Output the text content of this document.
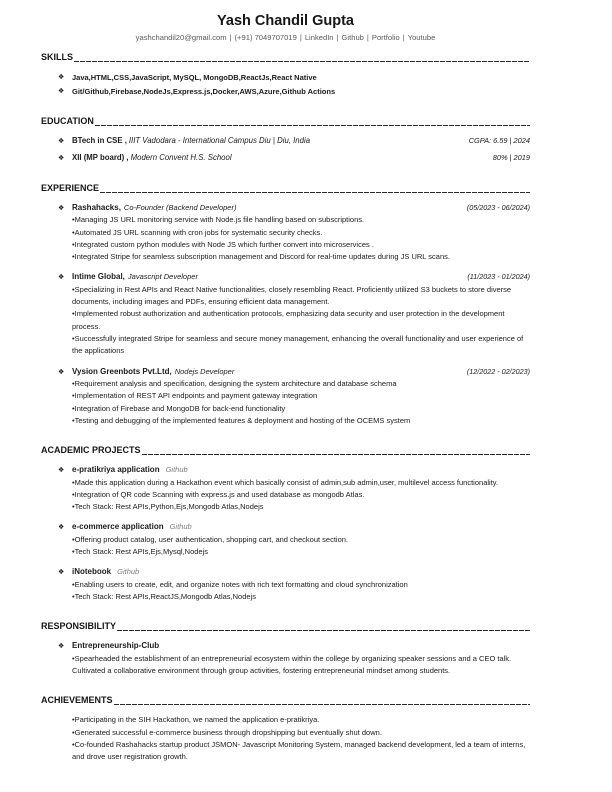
Yash Chandil Gupta
yashchandil20@gmail.com | (+91) 7049707019 | LinkedIn | Github | Portfolio | Youtube
SKILLS
❖
Java,HTML,CSS,JavaScript, MySQL, MongoDB,ReactJs,React Native
❖
Git/Github,Firebase,NodeJs,Express.js,Docker,AWS,Azure,Github Actions
EDUCATION
❖
BTech in CSE , IIIT Vadodara - International Campus Diu | Diu, India	CGPA: 6.59 | 2024
❖
XII (MP board) , Modern Convent H.S. School	80% | 2019
EXPERIENCE
❖
Rashahacks, Co-Founder (Backend Developer)	(05/2023 - 06/2024)
• Managing JS URL monitoring service with Node.js file handling based on subscriptions.
• Automated JS URL scanning with cron jobs for systematic security checks.
• Integrated custom python modules with Node JS which further convert into microservices .
• Integrated Stripe for seamless subscription management and Discord for real-time updates during JS URL scans.
❖
Intime Global, Javascript Developer	(11/2023 - 01/2024)
• Specializing in Rest APIs and React Native functionalities, closely resembling React. Proficiently utilized S3 buckets to store diverse documents, including images and PDFs, ensuring efficient data management.
• Implemented robust authorization and authentication protocols, emphasizing data security and user protection in the development process.
• Successfully integrated Stripe for seamless and secure money management, enhancing the overall functionality and user experience of the applications
❖
Vysion Greenbots Pvt.Ltd, Nodejs Developer	(12/2022 - 02/2023)
• Requirement analysis and specification, designing the system architecture and database schema
• Implementation of REST API endpoints and payment gateway integration
• Integration of Firebase and MongoDB for back-end functionality
• Testing and debugging of the implemented features & deployment and hosting of the OCEMS system
ACADEMIC PROJECTS
❖
e-pratikriya application Github
• Made this application during a Hackathon event which basically consist of admin,sub admin,user, multilevel access functionality.
• Integration of QR code Scanning with express.js and used database as mongodb Atlas.
• Tech Stack: Rest APIs,Python,Ejs,Mongodb Atlas,Nodejs
❖
e-commerce application Github
• Offering product catalog, user authentication, shopping cart, and checkout section.
• Tech Stack: Rest APIs,Ejs,Mysql,Nodejs
❖
iNotebook Github
• Enabling users to create, edit, and organize notes with rich text formatting and cloud synchronization
• Tech Stack: Rest APIs,ReactJS,Mongodb Atlas,Nodejs
RESPONSIBILITY
❖
Entrepreneurship-Club
• Spearheaded the establishment of an entrepreneurial ecosystem within the college by organizing speaker sessions and a CEO talk. Cultivated a collaborative environment through group activities, fostering entrepreneurial mindset among students.
ACHIEVEMENTS
• Participating in the SIH Hackathon, we named the application e-pratikriya.
• Generated successful e-commerce business through dropshipping but eventually shut down.
• Co-founded Rashahacks startup product JSMON- Javascript Monitoring System, managed backend development, led a team of interns, and drove user registration growth.
